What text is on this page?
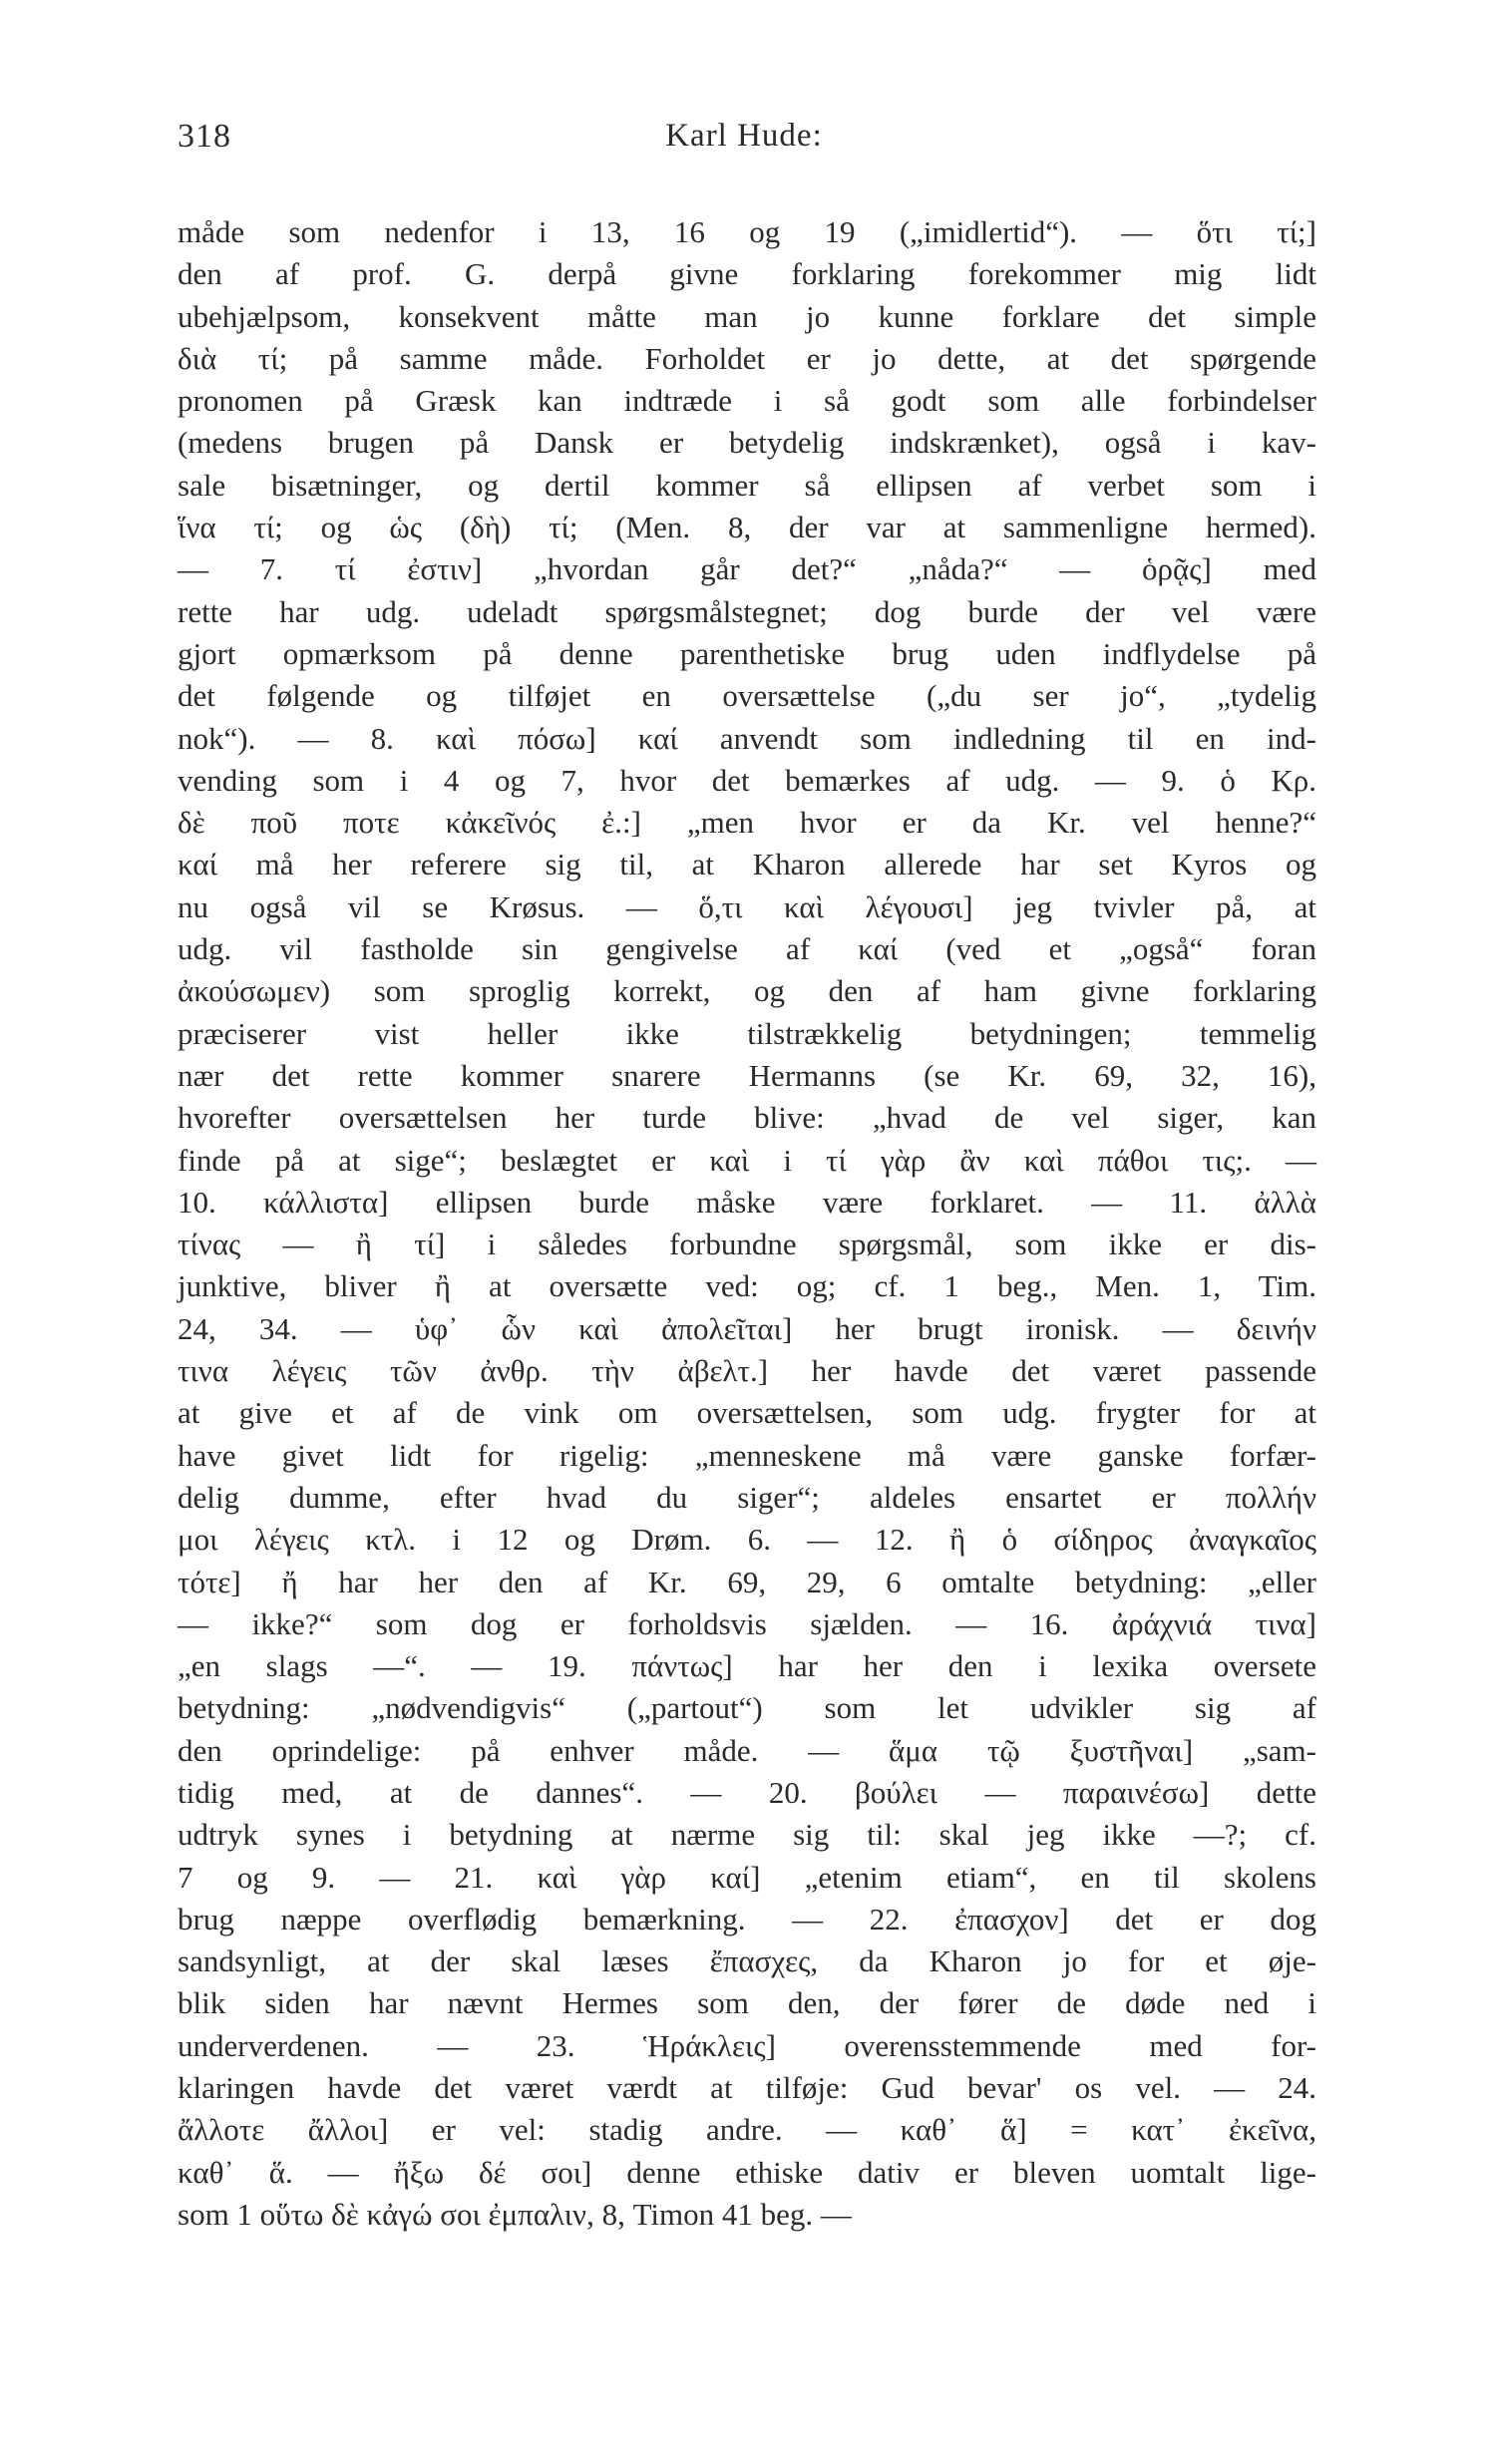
318	Karl Hude:
måde som nedenfor i 13, 16 og 19 („imidlertid“). — ὅτι τί;]
den af prof. G. derpå givne forklaring forekommer mig lidt
ubehjælpsom, konsekvent måtte man jo kunne forklare det simple
διὰ τί; på samme måde. Forholdet er jo dette, at det spørgende
pronomen på Græsk kan indtræde i så godt som alle forbindelser
(medens brugen på Dansk er betydelig indskrænket), også i kav-
sale bisætninger, og dertil kommer så ellipsen af verbet som i
ἵνα τί; og ὡς (δὴ) τί; (Men. 8, der var at sammenligne hermed).
— 7. τί ἐστιν] „hvordan går det?“ „nåda?“ — ὁρᾷς] med
rette har udg. udeladt spørgsmålstegnet; dog burde der vel være
gjort opmærksom på denne parenthetiske brug uden indflydelse på
det følgende og tilføjet en oversættelse („du ser jo“, „tydelig
nok“). — 8. καὶ πόσω] καί anvendt som indledning til en ind-
vending som i 4 og 7, hvor det bemærkes af udg. — 9. ὁ Κρ.
δὲ ποῦ ποτε κἀκεῖνός ἐ.:] „men hvor er da Kr. vel henne?“
καί må her referere sig til, at Kharon allerede har set Kyros og
nu også vil se Krøsus. — ὅ,τι καὶ λέγουσι] jeg tvivler på, at
udg. vil fastholde sin gengivelse af καί (ved et „også“ foran
ἀκούσωμεν) som sproglig korrekt, og den af ham givne forklaring
præciserer vist heller ikke tilstrækkelig betydningen; temmelig
nær det rette kommer snarere Hermanns (se Kr. 69, 32, 16),
hvorefter oversættelsen her turde blive: „hvad de vel siger, kan
finde på at sige“; beslægtet er καὶ i τί γὰρ ἂν καὶ πάθοι τις;. —
10. κάλλιστα] ellipsen burde måske være forklaret. — 11. ἀλλὰ
τίνας — ἢ τί] i således forbundne spørgsmål, som ikke er dis-
junktive, bliver ἢ at oversætte ved: og; cf. 1 beg., Men. 1, Tim.
24, 34. — ὑφ᾽ ὧν καὶ ἀπολεῖται] her brugt ironisk. — δεινήν
τινα λέγεις τῶν ἀνθρ. τὴν ἀβελτ.] her havde det været passende
at give et af de vink om oversættelsen, som udg. frygter for at
have givet lidt for rigelig: „menneskene må være ganske forfær-
delig dumme, efter hvad du siger“; aldeles ensartet er πολλήν
μοι λέγεις κτλ. i 12 og Drøm. 6. — 12. ἢ ὁ σίδηρος ἀναγκαῖος
τότε] ἤ har her den af Kr. 69, 29, 6 omtalte betydning: „eller
— ikke?“ som dog er forholdsvis sjælden. — 16. ἀράχνιά τινα]
„en slags —“. — 19. πάντως] har her den i lexika oversete
betydning: „nødvendigvis“ („partout“) som let udvikler sig af
den oprindelige: på enhver måde. — ἅμα τῷ ξυστῆναι] „sam-
tidig med, at de dannes“. — 20. βούλει — παραινέσω] dette
udtryk synes i betydning at nærme sig til: skal jeg ikke —?; cf.
7 og 9. — 21. καὶ γὰρ καί] „etenim etiam“, en til skolens
brug næppe overflødig bemærkning. — 22. ἐπασχον] det er dog
sandsynligt, at der skal læses ἔπασχες, da Kharon jo for et øje-
blik siden har nævnt Hermes som den, der fører de døde ned i
underverdenen. — 23. Ἡράκλεις] overensstemmende med for-
klaringen havde det været værdt at tilføje: Gud bevar' os vel. — 24.
ἄλλοτε ἄλλοι] er vel: stadig andre. — καθ᾽ ἅ] = κατ᾽ ἐκεῖνα,
καθ᾽ ἅ. — ἤξω δέ σοι] denne ethiske dativ er bleven uomtalt lige-
som 1 οὕτω δὲ κἀγώ σοι ἐμπαλιν, 8, Timon 41 beg. —
